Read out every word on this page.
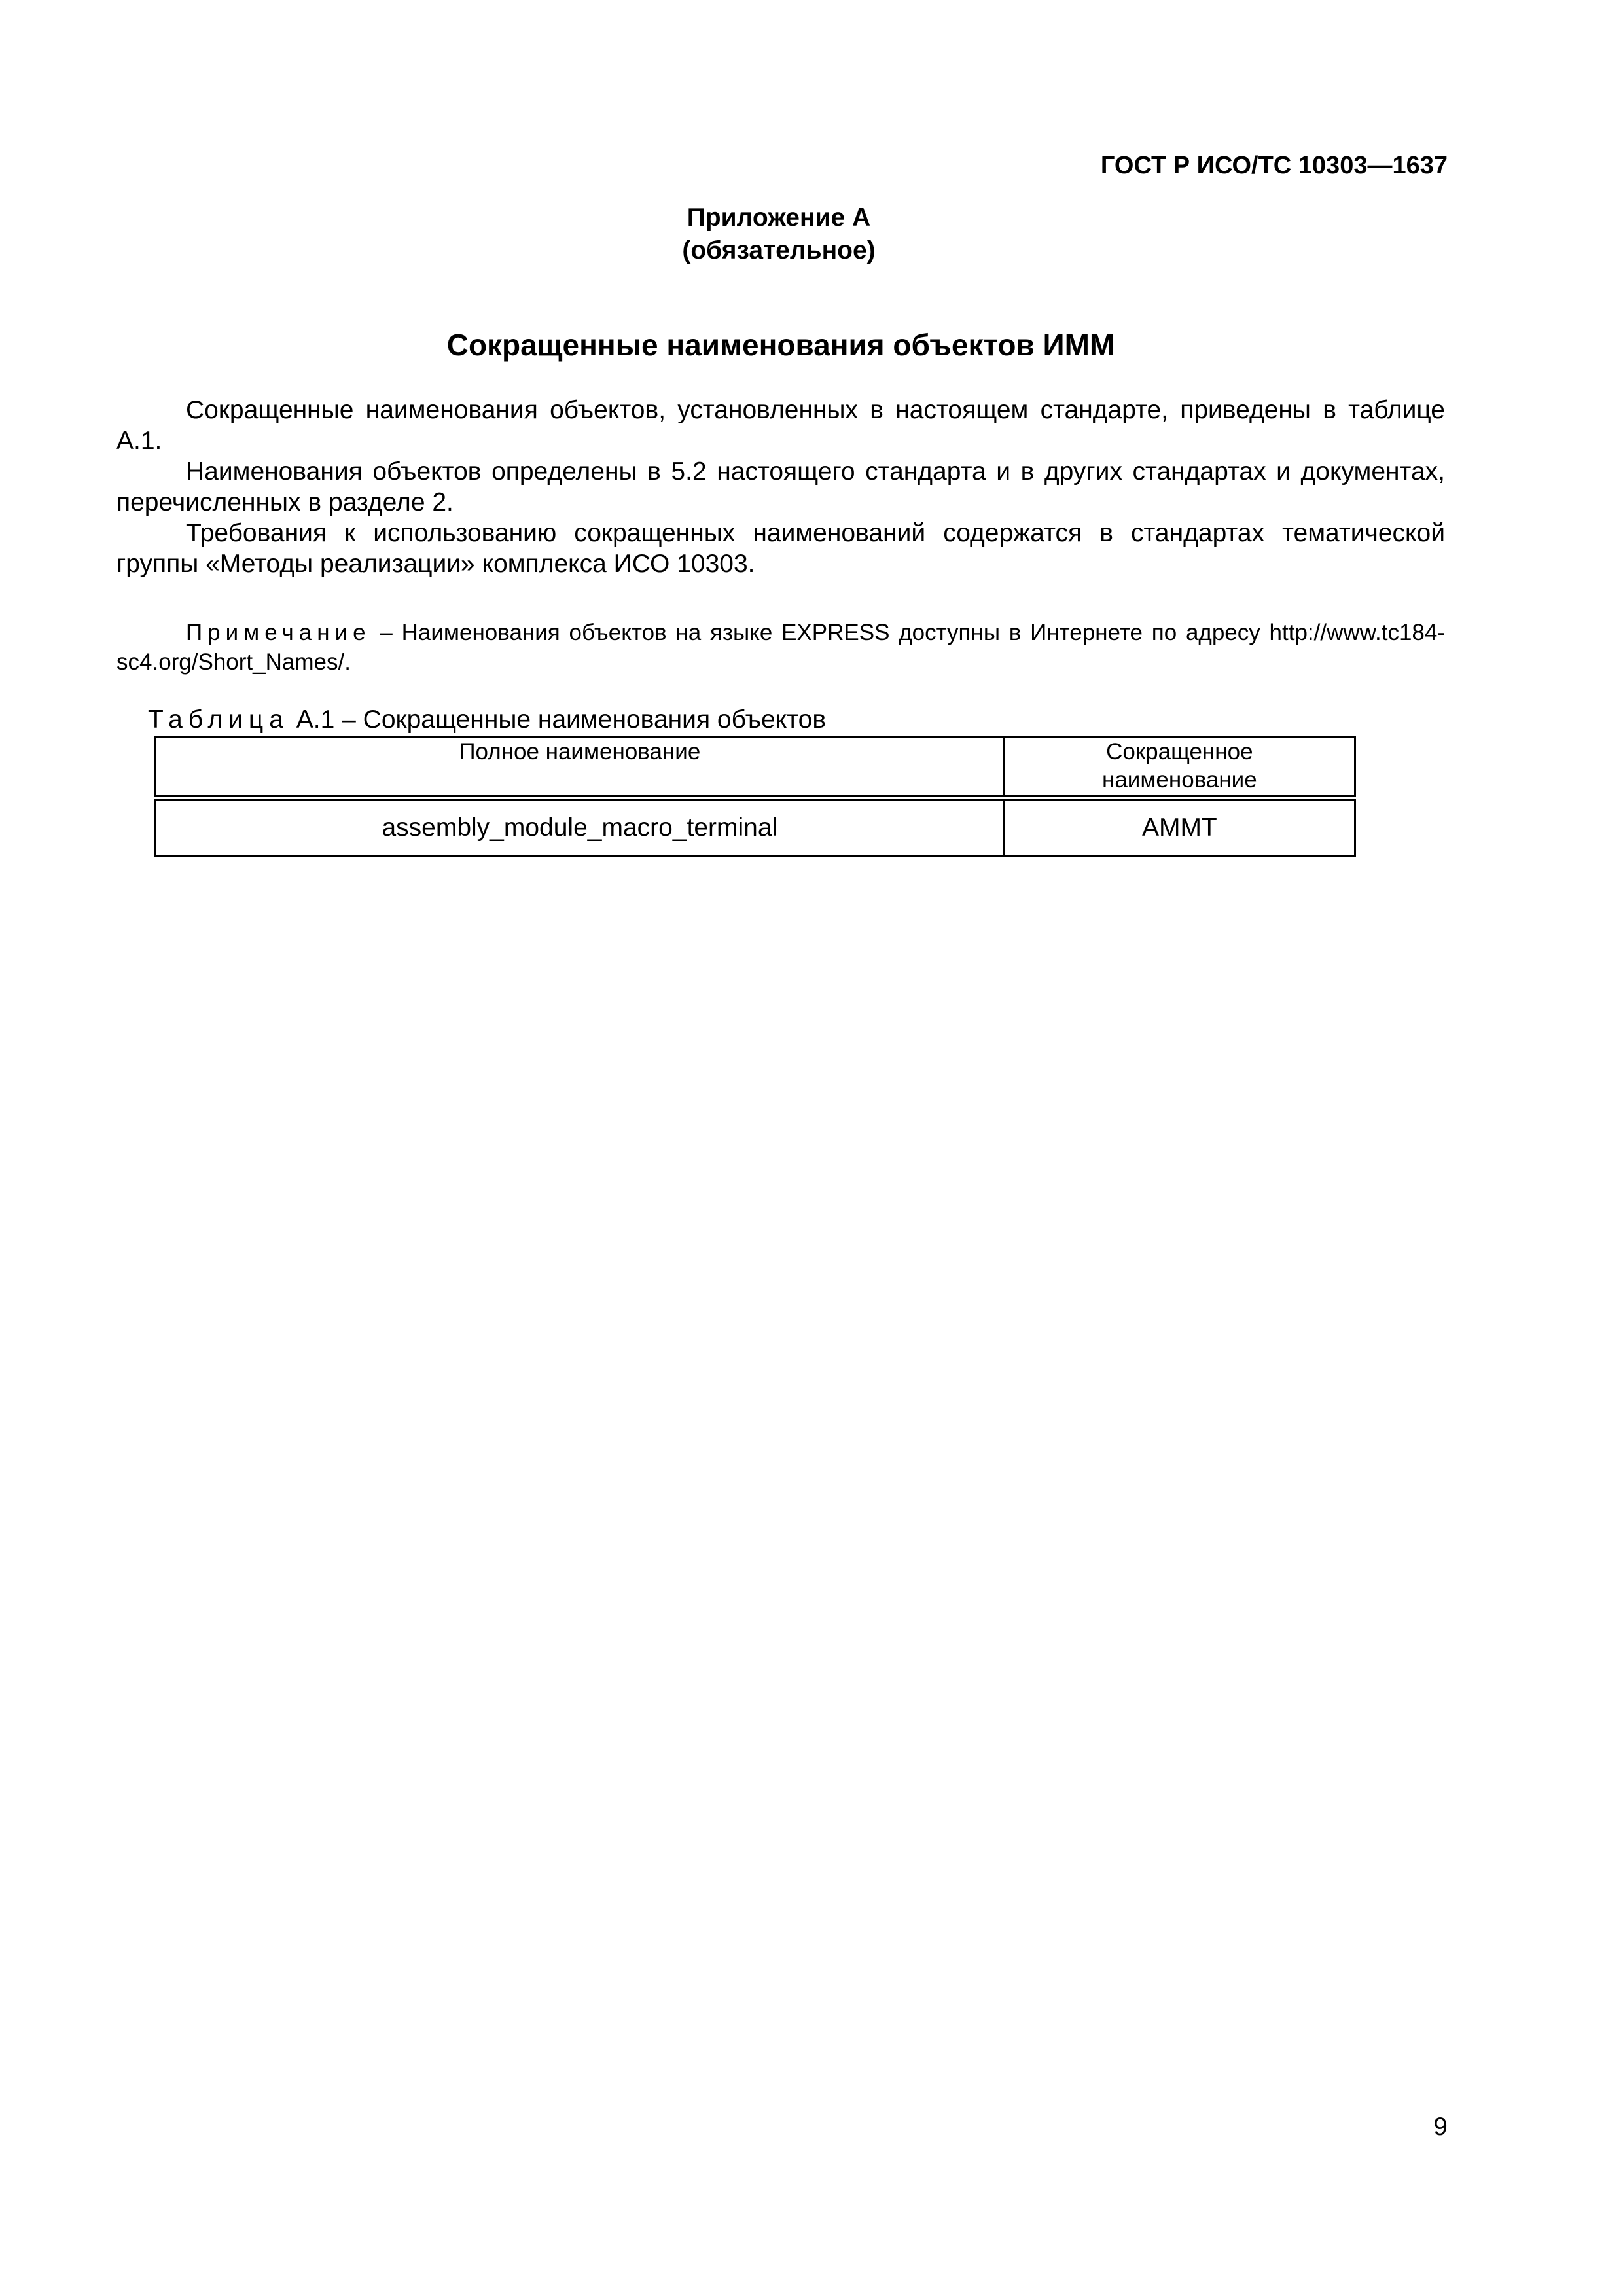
ГОСТ Р ИСО/ТС 10303—1637
Приложение А
(обязательное)
Сокращенные наименования объектов ИММ

Сокращенные наименования объектов, установленных в настоящем стандарте, приведены в таблице А.1.

Наименования объектов определены в 5.2 настоящего стандарта и в других стандартах и документах, перечисленных в разделе 2.

Требования к использованию сокращенных наименований содержатся в стандартах тематической группы «Методы реализации» комплекса ИСО 10303.

Примечание – Наименования объектов на языке EXPRESS доступны в Интернете по адресу http://www.tc184-sc4.org/Short_Names/.
Таблица А.1 – Сокращенные наименования объектов
Полное наименование	Сокращенное
наименование

assembly_module_macro_terminal	AMMT
9
